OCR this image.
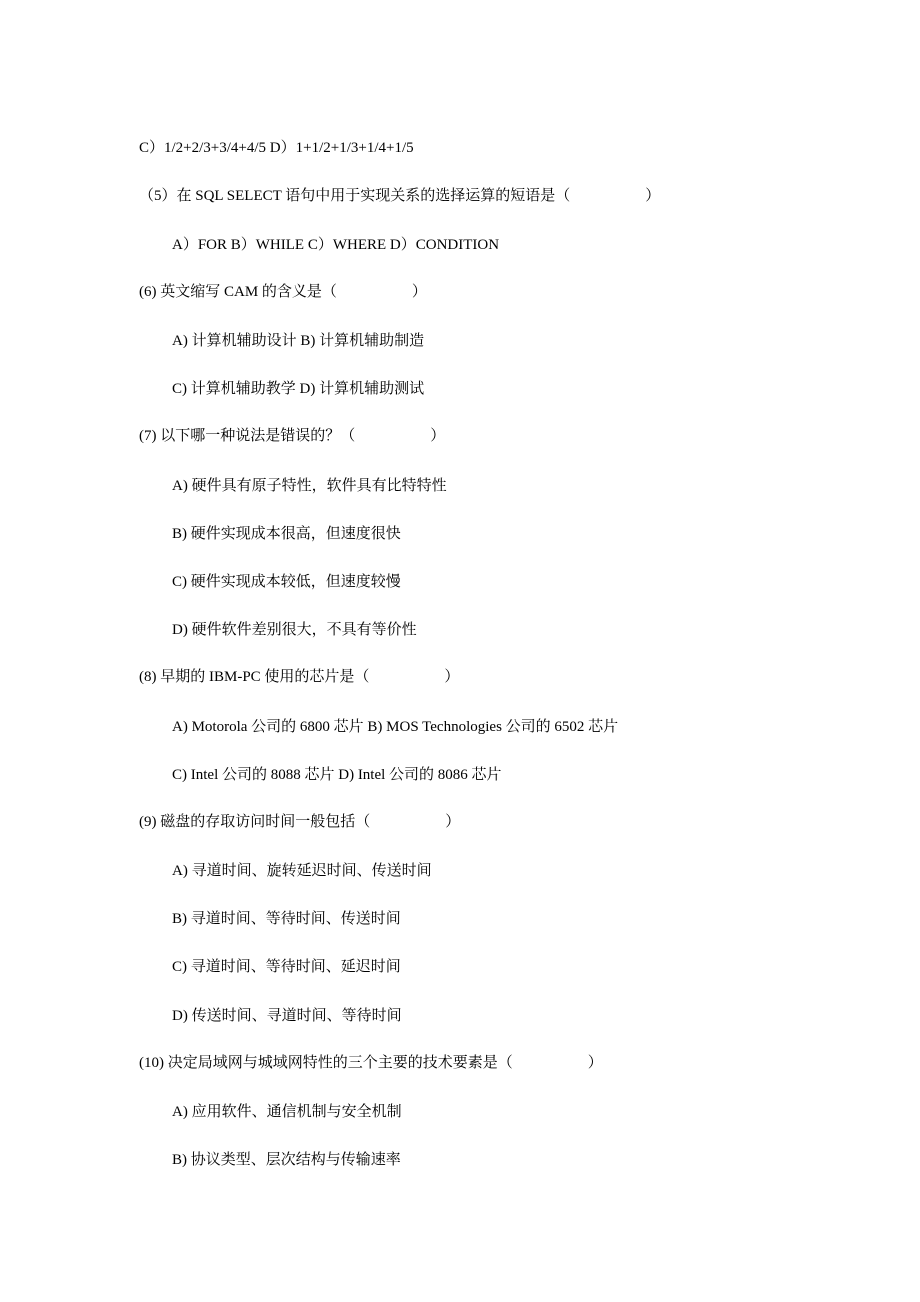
C）1/2+2/3+3/4+4/5 D）1+1/2+1/3+1/4+1/5
（5）在 SQL SELECT 语句中用于实现关系的选择运算的短语是（　　　　　）
A）FOR B）WHILE C）WHERE D）CONDITION
(6) 英文缩写 CAM 的含义是（　　　　　）
A) 计算机辅助设计 B) 计算机辅助制造
C) 计算机辅助教学 D) 计算机辅助测试
(7) 以下哪一种说法是错误的？（　　　　　）
A) 硬件具有原子特性，软件具有比特特性
B) 硬件实现成本很高，但速度很快
C) 硬件实现成本较低，但速度较慢
D) 硬件软件差别很大，不具有等价性
(8) 早期的 IBM-PC 使用的芯片是（　　　　　）
A) Motorola 公司的 6800 芯片 B) MOS Technologies 公司的 6502 芯片
C) Intel 公司的 8088 芯片 D) Intel 公司的 8086 芯片
(9) 磁盘的存取访问时间一般包括（　　　　　）
A) 寻道时间、旋转延迟时间、传送时间
B) 寻道时间、等待时间、传送时间
C) 寻道时间、等待时间、延迟时间
D) 传送时间、寻道时间、等待时间
(10) 决定局域网与城域网特性的三个主要的技术要素是（　　　　　）
A) 应用软件、通信机制与安全机制
B) 协议类型、层次结构与传输速率
